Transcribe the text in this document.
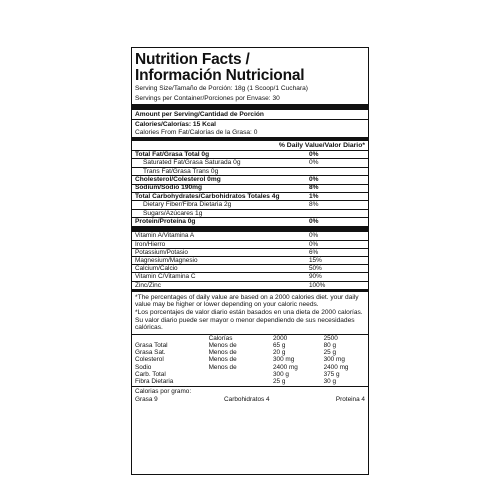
Nutrition Facts /
Información Nutricional
Serving Size/Tamaño de Porción: 18g (1 Scoop/1 Cuchara)
Servings per Container/Porciones por Envase: 30
Amount per Serving/Cantidad de Porción
Calories/Calorías: 15 Kcal
Calories From Fat/Calorías de la Grasa: 0
% Daily Value/Valor Diario*
Total Fat/Grasa Total 0g	0%
Saturated Fat/Grasa Saturada 0g	0%
Trans Fat/Grasa Trans 0g
Cholesterol/Colesterol 0mg	0%
Sodium/Sodio 190mg	8%
Total Carbohydrates/Carbohidratos Totales 4g	1%
Dietary Fiber/Fibra Dietaria 2g	8%
Sugars/Azúcares 1g
Protein/Proteína 0g	0%
Vitamin A/Vitamina A	0%
Iron/Hierro	0%
Potassium/Potasio	6%
Magnesium/Magnesio	15%
Calcium/Calcio	50%
Vitamin C/Vitamina C	90%
Zinc/Zinc	100%
*The percentages of daily value are based on a 2000 calories diet. your daily value may be higher or lower depending on your caloric needs.
*Los porcentajes de valor diario están basados en una dieta de 2000 calorías. Su valor diario puede ser mayor o menor dependiendo de sus necesidades calóricas.
	Calorías	2000	2500
Grasa Total	Menos de	65 g	80 g
Grasa Sat.	Menos de	20 g	25 g
Colesterol	Menos de	300 mg	300 mg
Sodio	Menos de	2400 mg	2400 mg
Carb. Total		300 g	375 g
Fibra Dietaria		25 g	30 g
Calorias por gramo:
Grasa 9	Carbohidratos 4	Proteina 4
